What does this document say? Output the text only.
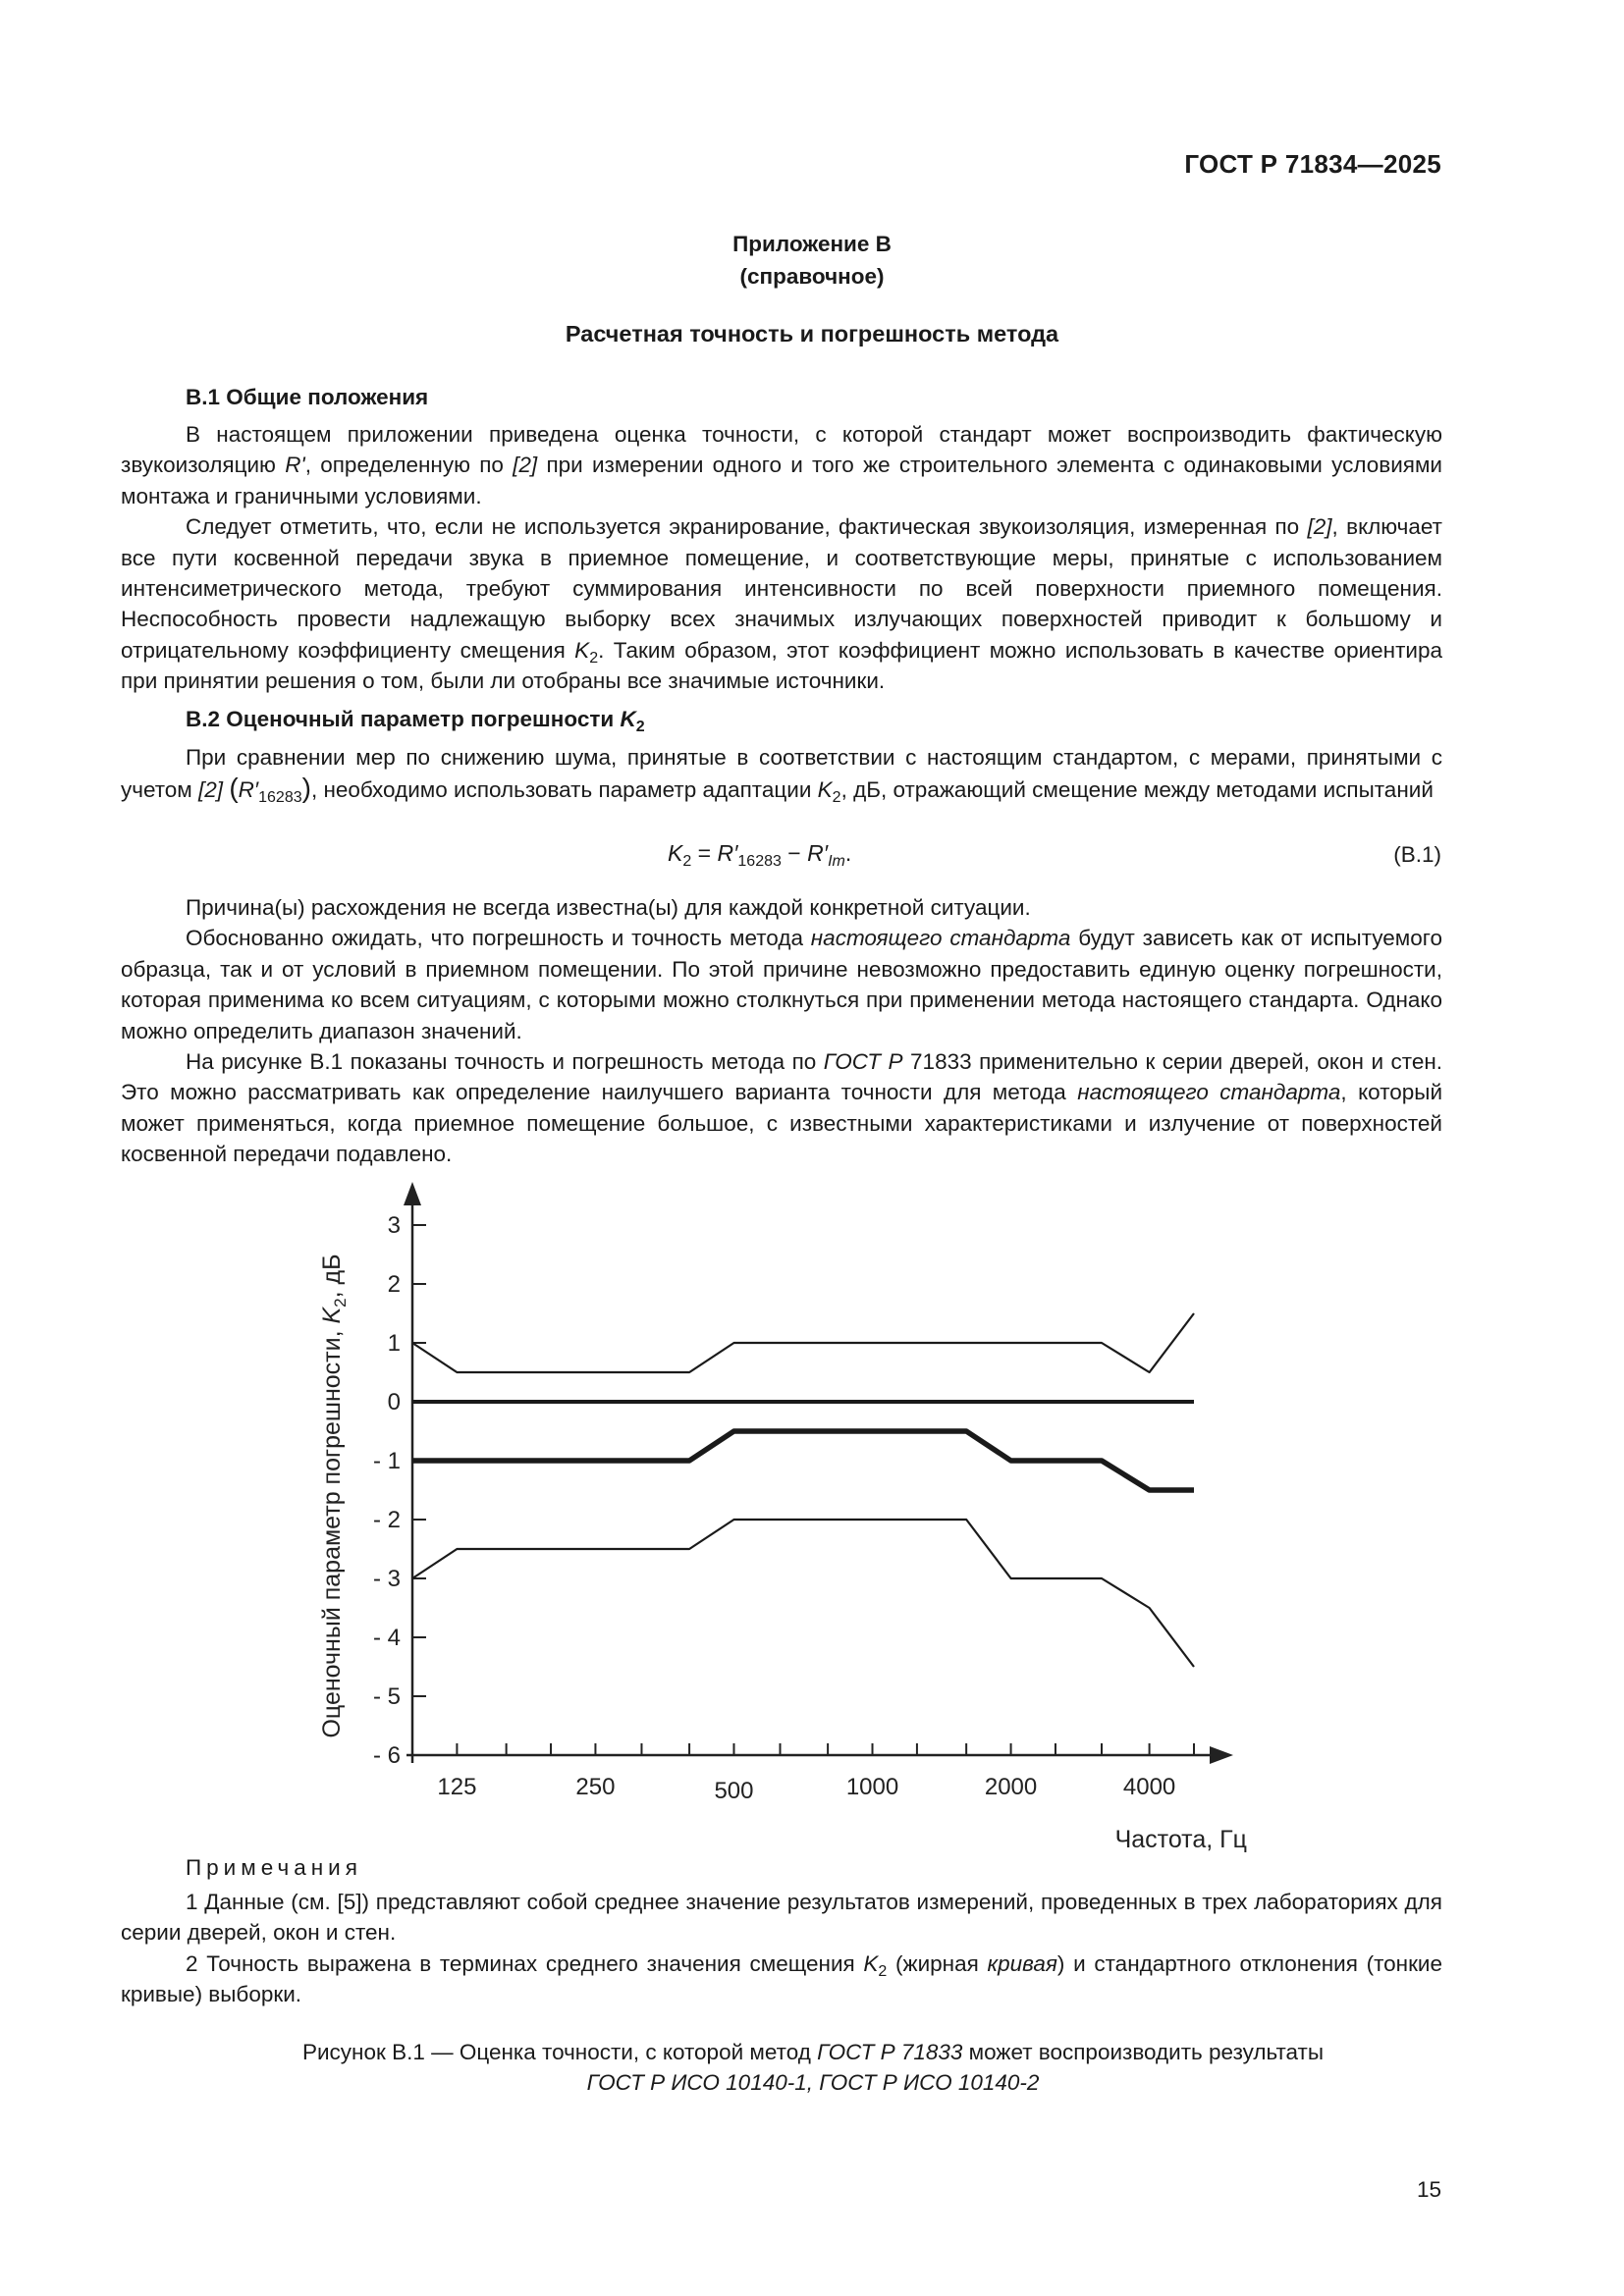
ГОСТ Р 71834—2025
Приложение В
(справочное)
Расчетная точность и погрешность метода
В.1 Общие положения

В настоящем приложении приведена оценка точности, с которой стандарт может воспроизводить фактическую звукоизоляцию R', определенную по [2] при измерении одного и того же строительного элемента с одинаковыми условиями монтажа и граничными условиями.

Следует отметить, что, если не используется экранирование, фактическая звукоизоляция, измеренная по [2], включает все пути косвенной передачи звука в приемное помещение, и соответствующие меры, принятые с использованием интенсиметрического метода, требуют суммирования интенсивности по всей поверхности приемного помещения. Неспособность провести надлежащую выборку всех значимых излучающих поверхностей приводит к большому и отрицательному коэффициенту смещения $K_2$. Таким образом, этот коэффициент можно использовать в качестве ориентира при принятии решения о том, были ли отобраны все значимые источники.

В.2 Оценочный параметр погрешности $K_2$

При сравнении мер по снижению шума, принятые в соответствии с настоящим стандартом, с мерами, принятыми с учетом [2] $(R'_{16283})$, необходимо использовать параметр адаптации $K_2$, дБ, отражающий смещение между методами испытаний

$K_2 = R'_{16283} - R'_{Im}$.	(В.1)

Причина(ы) расхождения не всегда известна(ы) для каждой конкретной ситуации.

Обоснованно ожидать, что погрешность и точность метода настоящего стандарта будут зависеть как от испытуемого образца, так и от условий в приемном помещении. По этой причине невозможно предоставить единую оценку погрешности, которая применима ко всем ситуациям, с которыми можно столкнуться при применении метода настоящего стандарта. Однако можно определить диапазон значений.

На рисунке В.1 показаны точность и погрешность метода по ГОСТ Р 71833 применительно к серии дверей, окон и стен. Это можно рассматривать как определение наилучшего варианта точности для метода настоящего стандарта, который может применяться, когда приемное помещение большое, с известными характеристиками и излучение от поверхностей косвенной передачи подавлено.

3
2
1
0
- 1
- 2
- 3
- 4
- 5
- 6
125	250	500	1000	2000	4000
Частота, Гц
Оценочный параметр погрешности, $K_2$, дБ
Примечания

1 Данные (см. [5]) представляют собой среднее значение результатов измерений, проведенных в трех лабораториях для серии дверей, окон и стен.

2 Точность выражена в терминах среднего значения смещения $K_2$ (жирная кривая) и стандартного отклонения (тонкие кривые) выборки.

Рисунок В.1 — Оценка точности, с которой метод ГОСТ Р 71833 может воспроизводить результаты
ГОСТ Р ИСО 10140-1, ГОСТ Р ИСО 10140-2
15
